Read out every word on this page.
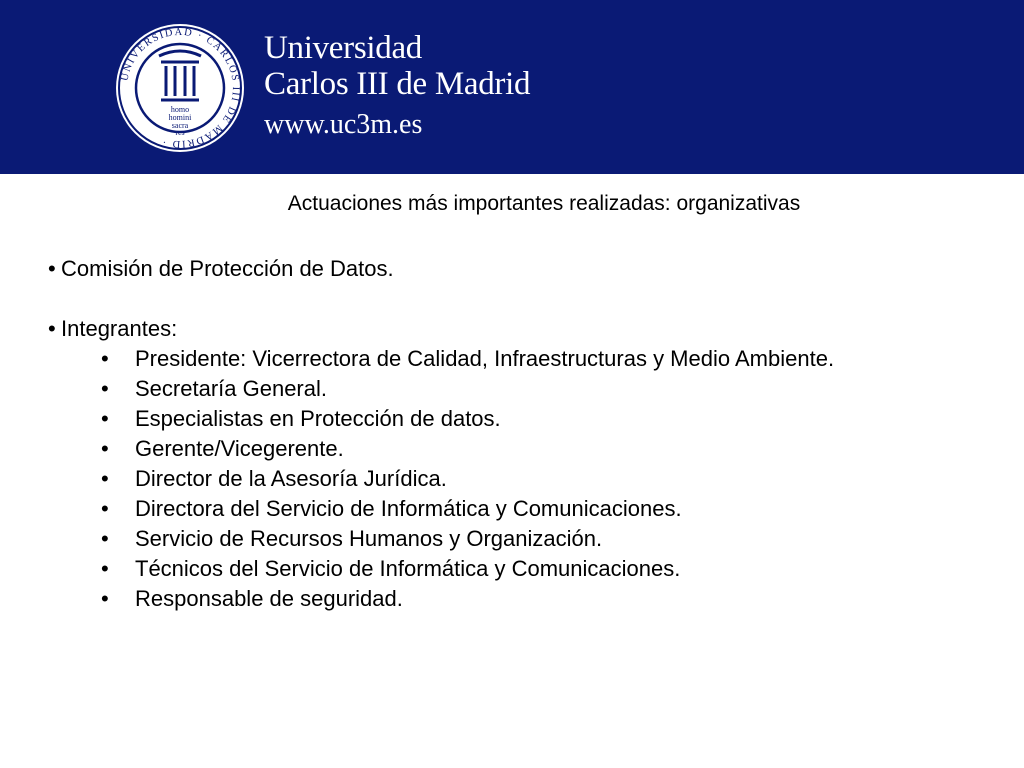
UNIVERSIDAD · CARLOS III DE MADRID ·
homo
homini
sacra
res
Universidad
Carlos III de Madrid
www.uc3m.es
Actuaciones más importantes realizadas: organizativas
• Comisión de Protección de Datos.
• Integrantes:
•	Presidente: Vicerrectora de Calidad, Infraestructuras y Medio Ambiente.
•	Secretaría General.
•	Especialistas en Protección de datos.
•	Gerente/Vicegerente.
•	Director de la Asesoría Jurídica.
•	Directora del Servicio de Informática y Comunicaciones.
•	Servicio de Recursos Humanos y Organización.
•	Técnicos del Servicio de Informática y Comunicaciones.
•	Responsable de seguridad.
